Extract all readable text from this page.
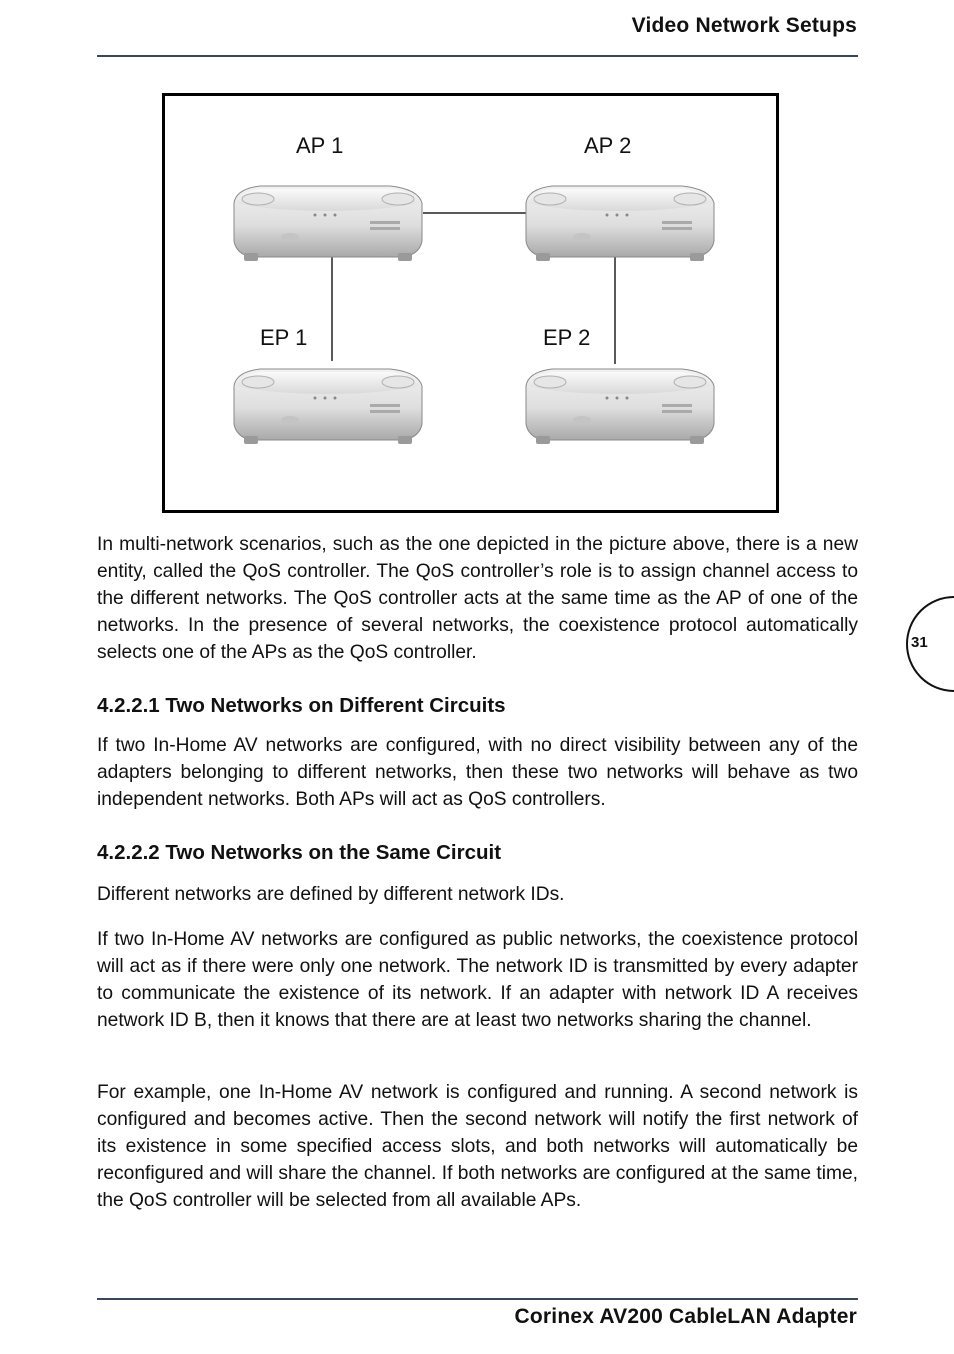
Video Network Setups
AP 1	AP 2
EP 1	EP 2
In multi-network scenarios, such as the one depicted in the picture above, there is a new entity, called the QoS controller. The QoS controller’s role is to assign channel access to the different networks. The QoS controller acts at the same time as the AP of one of the networks. In the presence of several networks, the coexistence protocol automatically selects one of the APs as the QoS controller.
4.2.2.1 Two Networks on Different Circuits
If two In-Home AV networks are configured, with no direct visibility between any of the adapters belonging to different networks, then these two networks will behave as two independent networks. Both APs will act as QoS controllers.
4.2.2.2 Two Networks on the Same Circuit
Different networks are defined by different network IDs.
If two In-Home AV networks are configured as public networks, the coexistence protocol will act as if there were only one network. The network ID is transmitted by every adapter to communicate the existence of its network. If an adapter with network ID A receives network ID B, then it knows that there are at least two networks sharing the channel.
For example, one In-Home AV network is configured and running. A second network is configured and becomes active. Then the second network will notify the first network of its existence in some specified access slots, and both networks will automatically be reconfigured and will share the channel. If both networks are configured at the same time, the QoS controller will be selected from all available APs.
31
Corinex AV200 CableLAN Adapter
